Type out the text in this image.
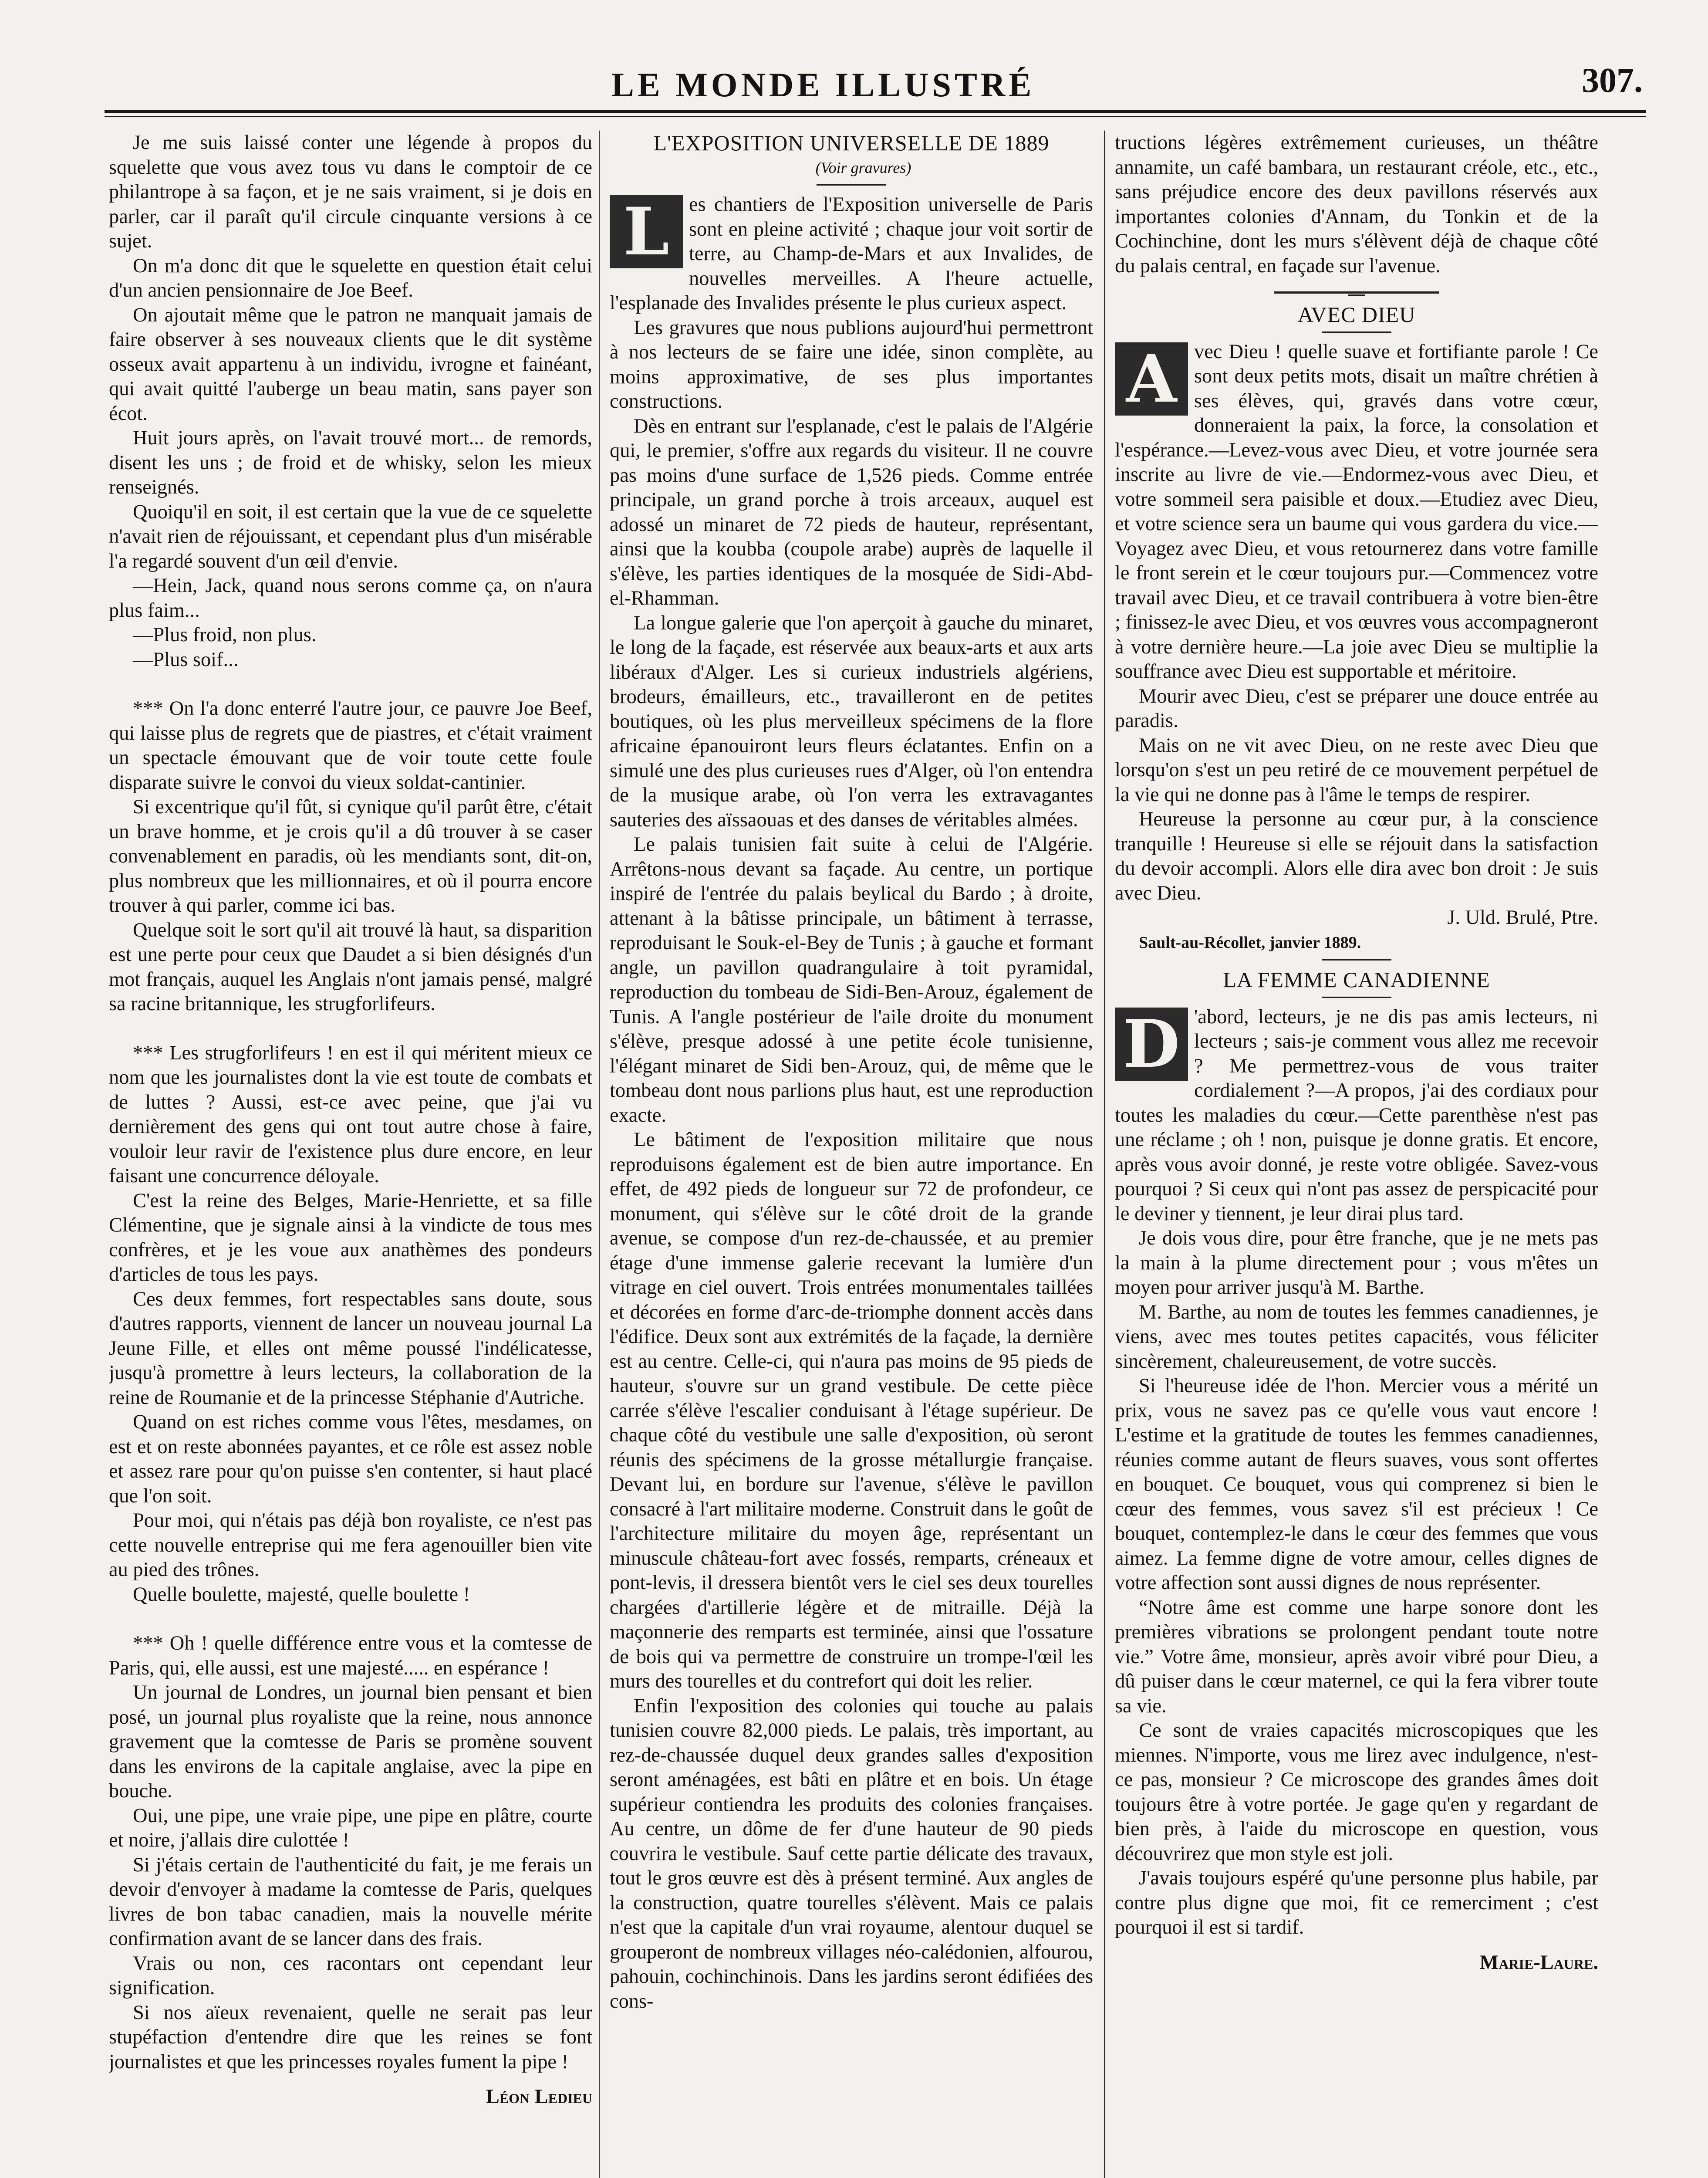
LE MONDE ILLUSTRÉ	307.

Je me suis laissé conter une légende à propos du squelette que vous avez tous vu dans le comptoir de ce philantrope à sa façon, et je ne sais vraiment, si je dois en parler, car il paraît qu'il circule cinquante versions à ce sujet.

On m'a donc dit que le squelette en question était celui d'un ancien pensionnaire de Joe Beef.

On ajoutait même que le patron ne manquait jamais de faire observer à ses nouveaux clients que le dit système osseux avait appartenu à un individu, ivrogne et fainéant, qui avait quitté l'auberge un beau matin, sans payer son écot.

Huit jours après, on l'avait trouvé mort... de remords, disent les uns ; de froid et de whisky, selon les mieux renseignés.

Quoiqu'il en soit, il est certain que la vue de ce squelette n'avait rien de réjouissant, et cependant plus d'un misérable l'a regardé souvent d'un œil d'envie.

—Hein, Jack, quand nous serons comme ça, on n'aura plus faim...

—Plus froid, non plus.

—Plus soif...

*** On l'a donc enterré l'autre jour, ce pauvre Joe Beef, qui laisse plus de regrets que de piastres, et c'était vraiment un spectacle émouvant que de voir toute cette foule disparate suivre le convoi du vieux soldat-cantinier.

Si excentrique qu'il fût, si cynique qu'il parût être, c'était un brave homme, et je crois qu'il a dû trouver à se caser convenablement en paradis, où les mendiants sont, dit-on, plus nombreux que les millionnaires, et où il pourra encore trouver à qui parler, comme ici bas.

Quelque soit le sort qu'il ait trouvé là haut, sa disparition est une perte pour ceux que Daudet a si bien désignés d'un mot français, auquel les Anglais n'ont jamais pensé, malgré sa racine britannique, les strugforlifeurs.

*** Les strugforlifeurs ! en est il qui méritent mieux ce nom que les journalistes dont la vie est toute de combats et de luttes ? Aussi, est-ce avec peine, que j'ai vu dernièrement des gens qui ont tout autre chose à faire, vouloir leur ravir de l'existence plus dure encore, en leur faisant une concurrence déloyale.

C'est la reine des Belges, Marie-Henriette, et sa fille Clémentine, que je signale ainsi à la vindicte de tous mes confrères, et je les voue aux anathèmes des pondeurs d'articles de tous les pays.

Ces deux femmes, fort respectables sans doute, sous d'autres rapports, viennent de lancer un nouveau journal La Jeune Fille, et elles ont même poussé l'indélicatesse, jusqu'à promettre à leurs lecteurs, la collaboration de la reine de Roumanie et de la princesse Stéphanie d'Autriche.

Quand on est riches comme vous l'êtes, mesdames, on est et on reste abonnées payantes, et ce rôle est assez noble et assez rare pour qu'on puisse s'en contenter, si haut placé que l'on soit.

Pour moi, qui n'étais pas déjà bon royaliste, ce n'est pas cette nouvelle entreprise qui me fera agenouiller bien vite au pied des trônes.

Quelle boulette, majesté, quelle boulette !

*** Oh ! quelle différence entre vous et la comtesse de Paris, qui, elle aussi, est une majesté..... en espérance !

Un journal de Londres, un journal bien pensant et bien posé, un journal plus royaliste que la reine, nous annonce gravement que la comtesse de Paris se promène souvent dans les environs de la capitale anglaise, avec la pipe en bouche.

Oui, une pipe, une vraie pipe, une pipe en plâtre, courte et noire, j'allais dire culottée !

Si j'étais certain de l'authenticité du fait, je me ferais un devoir d'envoyer à madame la comtesse de Paris, quelques livres de bon tabac canadien, mais la nouvelle mérite confirmation avant de se lancer dans des frais.

Vrais ou non, ces racontars ont cependant leur signification.

Si nos aïeux revenaient, quelle ne serait pas leur stupéfaction d'entendre dire que les reines se font journalistes et que les princesses royales fument la pipe !

Léon Ledieu
L'EXPOSITION UNIVERSELLE DE 1889

(Voir gravures)

L es chantiers de l'Exposition universelle de Paris sont en pleine activité ; chaque jour voit sortir de terre, au Champ-de-Mars et aux Invalides, de nouvelles merveilles. A l'heure actuelle, l'esplanade des Invalides présente le plus curieux aspect.

Les gravures que nous publions aujourd'hui permettront à nos lecteurs de se faire une idée, sinon complète, au moins approximative, de ses plus importantes constructions.

Dès en entrant sur l'esplanade, c'est le palais de l'Algérie qui, le premier, s'offre aux regards du visiteur. Il ne couvre pas moins d'une surface de 1,526 pieds. Comme entrée principale, un grand porche à trois arceaux, auquel est adossé un minaret de 72 pieds de hauteur, représentant, ainsi que la koubba (coupole arabe) auprès de laquelle il s'élève, les parties identiques de la mosquée de Sidi-Abd-el-Rhamman.

La longue galerie que l'on aperçoit à gauche du minaret, le long de la façade, est réservée aux beaux-arts et aux arts libéraux d'Alger. Les si curieux industriels algériens, brodeurs, émailleurs, etc., travailleront en de petites boutiques, où les plus merveilleux spécimens de la flore africaine épanouiront leurs fleurs éclatantes. Enfin on a simulé une des plus curieuses rues d'Alger, où l'on entendra de la musique arabe, où l'on verra les extravagantes sauteries des aïssaouas et des danses de véritables almées.

Le palais tunisien fait suite à celui de l'Algérie. Arrêtons-nous devant sa façade. Au centre, un portique inspiré de l'entrée du palais beylical du Bardo ; à droite, attenant à la bâtisse principale, un bâtiment à terrasse, reproduisant le Souk-el-Bey de Tunis ; à gauche et formant angle, un pavillon quadrangulaire à toit pyramidal, reproduction du tombeau de Sidi-Ben-Arouz, également de Tunis. A l'angle postérieur de l'aile droite du monument s'élève, presque adossé à une petite école tunisienne, l'élégant minaret de Sidi ben-Arouz, qui, de même que le tombeau dont nous parlions plus haut, est une reproduction exacte.

Le bâtiment de l'exposition militaire que nous reproduisons également est de bien autre importance. En effet, de 492 pieds de longueur sur 72 de profondeur, ce monument, qui s'élève sur le côté droit de la grande avenue, se compose d'un rez-de-chaussée, et au premier étage d'une immense galerie recevant la lumière d'un vitrage en ciel ouvert. Trois entrées monumentales taillées et décorées en forme d'arc-de-triomphe donnent accès dans l'édifice. Deux sont aux extrémités de la façade, la dernière est au centre. Celle-ci, qui n'aura pas moins de 95 pieds de hauteur, s'ouvre sur un grand vestibule. De cette pièce carrée s'élève l'escalier conduisant à l'étage supérieur. De chaque côté du vestibule une salle d'exposition, où seront réunis des spécimens de la grosse métallurgie française. Devant lui, en bordure sur l'avenue, s'élève le pavillon consacré à l'art militaire moderne. Construit dans le goût de l'architecture militaire du moyen âge, représentant un minuscule château-fort avec fossés, remparts, créneaux et pont-levis, il dressera bientôt vers le ciel ses deux tourelles chargées d'artillerie légère et de mitraille. Déjà la maçonnerie des remparts est terminée, ainsi que l'ossature de bois qui va permettre de construire un trompe-l'œil les murs des tourelles et du contrefort qui doit les relier.

Enfin l'exposition des colonies qui touche au palais tunisien couvre 82,000 pieds. Le palais, très important, au rez-de-chaussée duquel deux grandes salles d'exposition seront aménagées, est bâti en plâtre et en bois. Un étage supérieur contiendra les produits des colonies françaises. Au centre, un dôme de fer d'une hauteur de 90 pieds couvrira le vestibule. Sauf cette partie délicate des travaux, tout le gros œuvre est dès à présent terminé. Aux angles de la construction, quatre tourelles s'élèvent. Mais ce palais n'est que la capitale d'un vrai royaume, alentour duquel se grouperont de nombreux villages néo-calédonien, alfourou, pahouin, cochinchinois. Dans les jardins seront édifiées des cons-

tructions légères extrêmement curieuses, un théâtre annamite, un café bambara, un restaurant créole, etc., etc., sans préjudice encore des deux pavillons réservés aux importantes colonies d'Annam, du Tonkin et de la Cochinchine, dont les murs s'élèvent déjà de chaque côté du palais central, en façade sur l'avenue.

AVEC DIEU

A vec Dieu ! quelle suave et fortifiante parole ! Ce sont deux petits mots, disait un maître chrétien à ses élèves, qui, gravés dans votre cœur, donneraient la paix, la force, la consolation et l'espérance.—Levez-vous avec Dieu, et votre journée sera inscrite au livre de vie.—Endormez-vous avec Dieu, et votre sommeil sera paisible et doux.—Etudiez avec Dieu, et votre science sera un baume qui vous gardera du vice.—Voyagez avec Dieu, et vous retournerez dans votre famille le front serein et le cœur toujours pur.—Commencez votre travail avec Dieu, et ce travail contribuera à votre bien-être ; finissez-le avec Dieu, et vos œuvres vous accompagneront à votre dernière heure.—La joie avec Dieu se multiplie la souffrance avec Dieu est supportable et méritoire.

Mourir avec Dieu, c'est se préparer une douce entrée au paradis.

Mais on ne vit avec Dieu, on ne reste avec Dieu que lorsqu'on s'est un peu retiré de ce mouvement perpétuel de la vie qui ne donne pas à l'âme le temps de respirer.

Heureuse la personne au cœur pur, à la conscience tranquille ! Heureuse si elle se réjouit dans la satisfaction du devoir accompli. Alors elle dira avec bon droit : Je suis avec Dieu.

J. Uld. Brulé, Ptre.

Sault-au-Récollet, janvier 1889.

LA FEMME CANADIENNE

D 'abord, lecteurs, je ne dis pas amis lecteurs, ni lecteurs ; sais-je comment vous allez me recevoir ? Me permettrez-vous de vous traiter cordialement ?—A propos, j'ai des cordiaux pour toutes les maladies du cœur.—Cette parenthèse n'est pas une réclame ; oh ! non, puisque je donne gratis. Et encore, après vous avoir donné, je reste votre obligée. Savez-vous pourquoi ? Si ceux qui n'ont pas assez de perspicacité pour le deviner y tiennent, je leur dirai plus tard.

Je dois vous dire, pour être franche, que je ne mets pas la main à la plume directement pour ; vous m'êtes un moyen pour arriver jusqu'à M. Barthe.

M. Barthe, au nom de toutes les femmes canadiennes, je viens, avec mes toutes petites capacités, vous féliciter sincèrement, chaleureusement, de votre succès.

Si l'heureuse idée de l'hon. Mercier vous a mérité un prix, vous ne savez pas ce qu'elle vous vaut encore ! L'estime et la gratitude de toutes les femmes canadiennes, réunies comme autant de fleurs suaves, vous sont offertes en bouquet. Ce bouquet, vous qui comprenez si bien le cœur des femmes, vous savez s'il est précieux ! Ce bouquet, contemplez-le dans le cœur des femmes que vous aimez. La femme digne de votre amour, celles dignes de votre affection sont aussi dignes de nous représenter.

“Notre âme est comme une harpe sonore dont les premières vibrations se prolongent pendant toute notre vie.” Votre âme, monsieur, après avoir vibré pour Dieu, a dû puiser dans le cœur maternel, ce qui la fera vibrer toute sa vie.

Ce sont de vraies capacités microscopiques que les miennes. N'importe, vous me lirez avec indulgence, n'est-ce pas, monsieur ? Ce microscope des grandes âmes doit toujours être à votre portée. Je gage qu'en y regardant de bien près, à l'aide du microscope en question, vous découvrirez que mon style est joli.

J'avais toujours espéré qu'une personne plus habile, par contre plus digne que moi, fit ce remerciment ; c'est pourquoi il est si tardif.

Marie-Laure.
